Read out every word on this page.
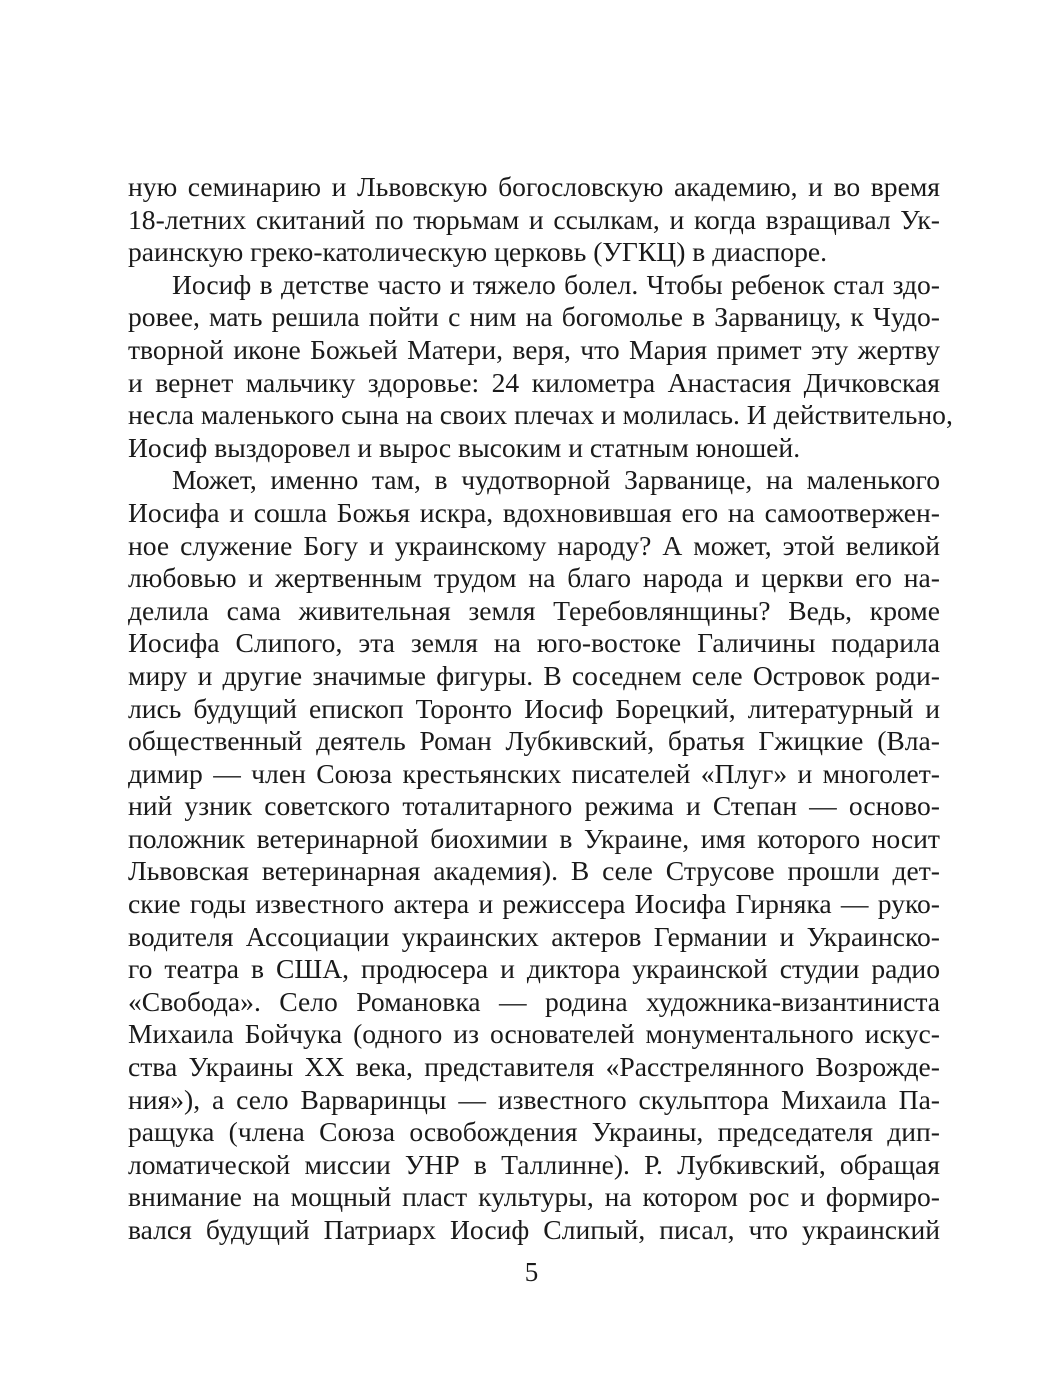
ную семинарию и Львовскую богословскую академию, и во время
18-летних скитаний по тюрьмам и ссылкам, и когда взращивал Ук-
раинскую греко-католическую церковь (УГКЦ) в диаспоре.
Иосиф в детстве часто и тяжело болел. Чтобы ребенок стал здо-
ровее, мать решила пойти с ним на богомолье в Зарваницу, к Чудо-
творной иконе Божьей Матери, веря, что Мария примет эту жертву
и вернет мальчику здоровье: 24 километра Анастасия Дичковская
несла маленького сына на своих плечах и молилась. И действительно,
Иосиф выздоровел и вырос высоким и статным юношей.
Может, именно там, в чудотворной Зарванице, на маленького
Иосифа и сошла Божья искра, вдохновившая его на самоотвержен-
ное служение Богу и украинскому народу? А может, этой великой
любовью и жертвенным трудом на благо народа и церкви его на-
делила сама живительная земля Теребовлянщины? Ведь, кроме
Иосифа Слипого, эта земля на юго-востоке Галичины подарила
миру и другие значимые фигуры. В соседнем селе Островок роди-
лись будущий епископ Торонто Иосиф Борецкий, литературный и
общественный деятель Роман Лубкивский, братья Гжицкие (Вла-
димир — член Союза крестьянских писателей «Плуг» и многолет-
ний узник советского тоталитарного режима и Степан — осново-
положник ветеринарной биохимии в Украине, имя которого носит
Львовская ветеринарная академия). В селе Струсове прошли дет-
ские годы известного актера и режиссера Иосифа Гирняка — руко-
водителя Ассоциации украинских актеров Германии и Украинско-
го театра в США, продюсера и диктора украинской студии радио
«Свобода». Село Романовка — родина художника-византиниста
Михаила Бойчука (одного из основателей монументального искус-
ства Украины XX века, представителя «Расстрелянного Возрожде-
ния»), а село Варваринцы — известного скульптора Михаила Па-
ращука (члена Союза освобождения Украины, председателя дип-
ломатической миссии УНР в Таллинне). Р. Лубкивский, обращая
внимание на мощный пласт культуры, на котором рос и формиро-
вался будущий Патриарх Иосиф Слипый, писал, что украинский
5
